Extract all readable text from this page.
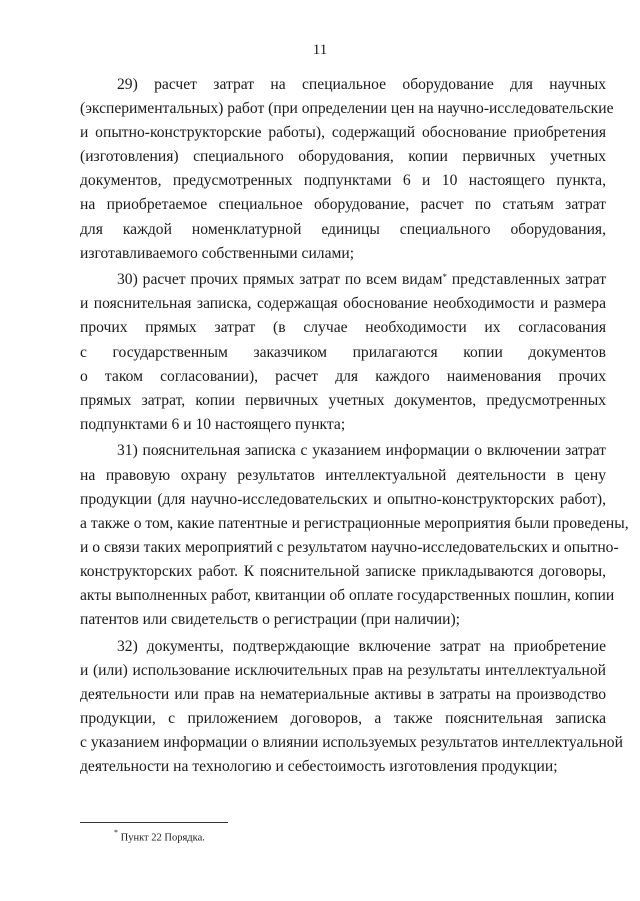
11
29) расчет затрат на специальное оборудование для научных
(экспериментальных) работ (при определении цен на научно-исследовательские
и опытно-конструкторские работы), содержащий обоснование приобретения
(изготовления) специального оборудования, копии первичных учетных
документов, предусмотренных подпунктами 6 и 10 настоящего пункта,
на приобретаемое специальное оборудование, расчет по статьям затрат
для каждой номенклатурной единицы специального оборудования,
изготавливаемого собственными силами;
30) расчет прочих прямых затрат по всем видам* представленных затрат
и пояснительная записка, содержащая обоснование необходимости и размера
прочих прямых затрат (в случае необходимости их согласования
с государственным заказчиком прилагаются копии документов
о таком согласовании), расчет для каждого наименования прочих
прямых затрат, копии первичных учетных документов, предусмотренных
подпунктами 6 и 10 настоящего пункта;
31) пояснительная записка с указанием информации о включении затрат
на правовую охрану результатов интеллектуальной деятельности в цену
продукции (для научно-исследовательских и опытно-конструкторских работ),
а также о том, какие патентные и регистрационные мероприятия были проведены,
и о связи таких мероприятий с результатом научно-исследовательских и опытно-
конструкторских работ. К пояснительной записке прикладываются договоры,
акты выполненных работ, квитанции об оплате государственных пошлин, копии
патентов или свидетельств о регистрации (при наличии);
32) документы, подтверждающие включение затрат на приобретение
и (или) использование исключительных прав на результаты интеллектуальной
деятельности или прав на нематериальные активы в затраты на производство
продукции, с приложением договоров, а также пояснительная записка
с указанием информации о влиянии используемых результатов интеллектуальной
деятельности на технологию и себестоимость изготовления продукции;
* Пункт 22 Порядка.
